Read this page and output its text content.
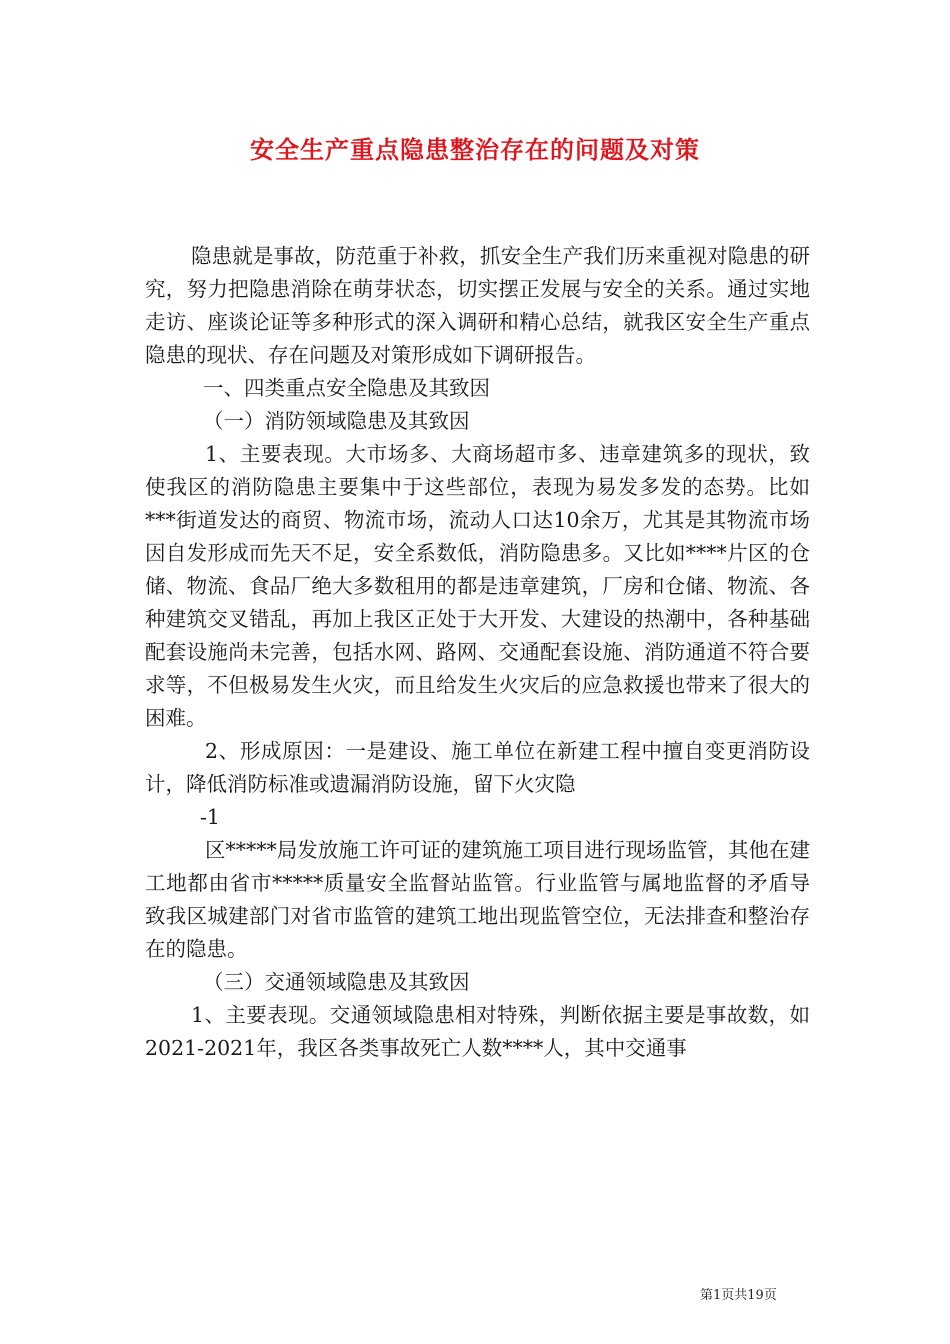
安全生产重点隐患整治存在的问题及对策

隐患就是事故，防范重于补救，抓安全生产我们历来重视对隐患的研究，努力把隐患消除在萌芽状态，切实摆正发展与安全的关系。通过实地走访、座谈论证等多种形式的深入调研和精心总结，就我区安全生产重点隐患的现状、存在问题及对策形成如下调研报告。

一、四类重点安全隐患及其致因

（一）消防领域隐患及其致因

1、主要表现。大市场多、大商场超市多、违章建筑多的现状，致使我区的消防隐患主要集中于这些部位，表现为易发多发的态势。比如***街道发达的商贸、物流市场，流动人口达10余万，尤其是其物流市场因自发形成而先天不足，安全系数低，消防隐患多。又比如****片区的仓储、物流、食品厂绝大多数租用的都是违章建筑，厂房和仓储、物流、各种建筑交叉错乱，再加上我区正处于大开发、大建设的热潮中，各种基础配套设施尚未完善，包括水网、路网、交通配套设施、消防通道不符合要求等，不但极易发生火灾，而且给发生火灾后的应急救援也带来了很大的困难。

2、形成原因：一是建设、施工单位在新建工程中擅自变更消防设计，降低消防标准或遗漏消防设施，留下火灾隐

-1

区*****局发放施工许可证的建筑施工项目进行现场监管，其他在建工地都由省市*****质量安全监督站监管。行业监管与属地监督的矛盾导致我区城建部门对省市监管的建筑工地出现监管空位，无法排查和整治存在的隐患。

（三）交通领域隐患及其致因

1、主要表现。交通领域隐患相对特殊，判断依据主要是事故数，如2021-2021年，我区各类事故死亡人数****人，其中交通事

第1页共19页
